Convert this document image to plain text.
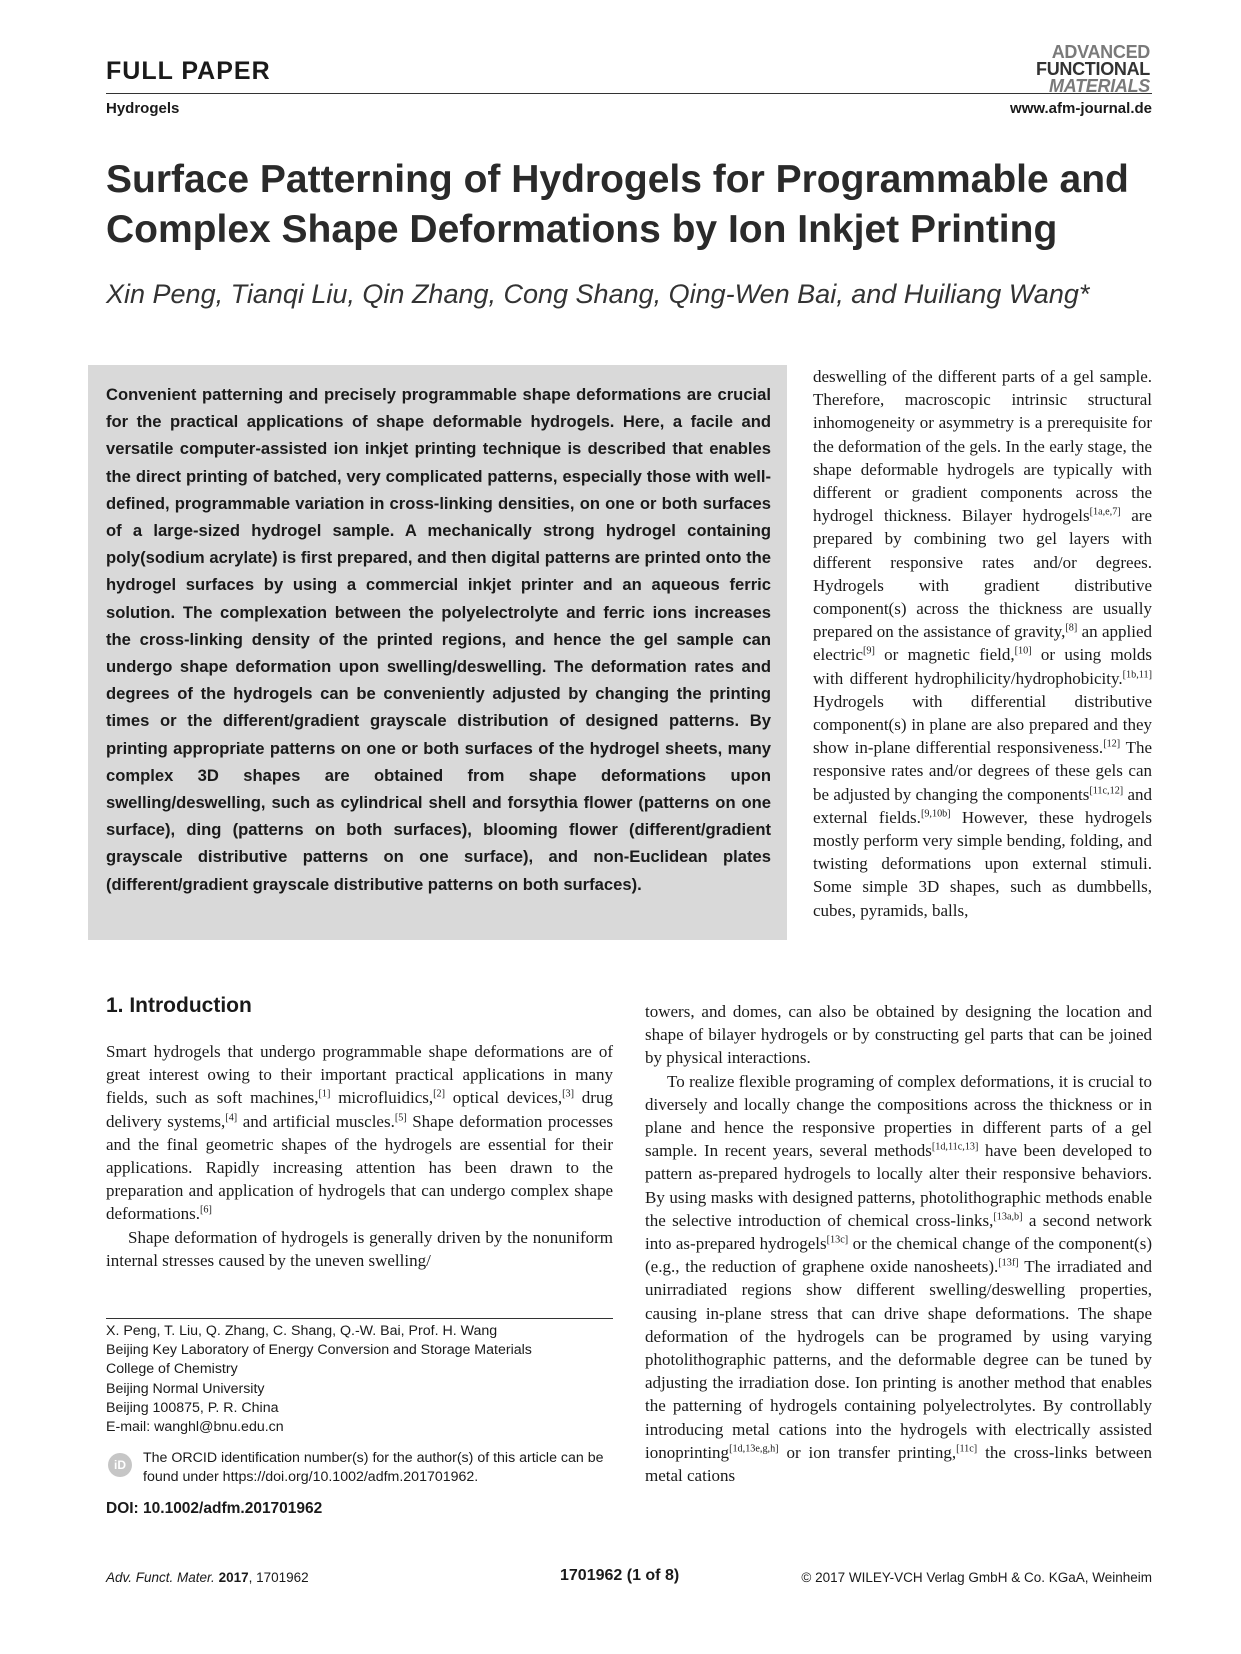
FULL PAPER
ADVANCED
FUNCTIONAL
MATERIALS
Hydrogels	www.afm-journal.de
Surface Patterning of Hydrogels for Programmable and Complex Shape Deformations by Ion Inkjet Printing
Xin Peng, Tianqi Liu, Qin Zhang, Cong Shang, Qing-Wen Bai, and Huiliang Wang*
Convenient patterning and precisely programmable shape deformations are crucial for the practical applications of shape deformable hydrogels. Here, a facile and versatile computer-assisted ion inkjet printing technique is described that enables the direct printing of batched, very complicated patterns, especially those with well-defined, programmable variation in cross-linking densities, on one or both surfaces of a large-sized hydrogel sample. A mechanically strong hydrogel containing poly(sodium acrylate) is first prepared, and then digital patterns are printed onto the hydrogel surfaces by using a commercial inkjet printer and an aqueous ferric solution. The complexation between the polyelectrolyte and ferric ions increases the cross-linking density of the printed regions, and hence the gel sample can undergo shape deformation upon swelling/deswelling. The deformation rates and degrees of the hydrogels can be conveniently adjusted by changing the printing times or the different/gradient grayscale distribution of designed patterns. By printing appropriate patterns on one or both surfaces of the hydrogel sheets, many complex 3D shapes are obtained from shape deformations upon swelling/deswelling, such as cylindrical shell and forsythia flower (patterns on one surface), ding (patterns on both surfaces), blooming flower (different/gradient grayscale distributive patterns on one surface), and non-Euclidean plates (different/gradient grayscale distributive patterns on both surfaces).

deswelling of the different parts of a gel sample. Therefore, macroscopic intrinsic structural inhomogeneity or asymmetry is a prerequisite for the deformation of the gels. In the early stage, the shape deformable hydrogels are typically with different or gradient components across the hydrogel thickness. Bilayer hydrogels[1a,e,7] are prepared by combining two gel layers with different responsive rates and/or degrees. Hydrogels with gradient distributive component(s) across the thickness are usually prepared on the assistance of gravity,[8] an applied electric[9] or magnetic field,[10] or using molds with different hydrophilicity/hydrophobicity.[1b,11] Hydrogels with differential distributive component(s) in plane are also prepared and they show in-plane differential responsiveness.[12] The responsive rates and/or degrees of these gels can be adjusted by changing the components[11c,12] and external fields.[9,10b] However, these hydrogels mostly perform very simple bending, folding, and twisting deformations upon external stimuli. Some simple 3D shapes, such as dumbbells, cubes, pyramids, balls,

1. Introduction

Smart hydrogels that undergo programmable shape deformations are of great interest owing to their important practical applications in many fields, such as soft machines,[1] microfluidics,[2] optical devices,[3] drug delivery systems,[4] and artificial muscles.[5] Shape deformation processes and the final geometric shapes of the hydrogels are essential for their applications. Rapidly increasing attention has been drawn to the preparation and application of hydrogels that can undergo complex shape deformations.[6]

Shape deformation of hydrogels is generally driven by the nonuniform internal stresses caused by the uneven swelling/

towers, and domes, can also be obtained by designing the location and shape of bilayer hydrogels or by constructing gel parts that can be joined by physical interactions.

To realize flexible programing of complex deformations, it is crucial to diversely and locally change the compositions across the thickness or in plane and hence the responsive properties in different parts of a gel sample. In recent years, several methods[1d,11c,13] have been developed to pattern as-prepared hydrogels to locally alter their responsive behaviors. By using masks with designed patterns, photolithographic methods enable the selective introduction of chemical cross-links,[13a,b] a second network into as-prepared hydrogels[13c] or the chemical change of the component(s) (e.g., the reduction of graphene oxide nanosheets).[13f] The irradiated and unirradiated regions show different swelling/deswelling properties, causing in-plane stress that can drive shape deformations. The shape deformation of the hydrogels can be programed by using varying photolithographic patterns, and the deformable degree can be tuned by adjusting the irradiation dose. Ion printing is another method that enables the patterning of hydrogels containing polyelectrolytes. By controllably introducing metal cations into the hydrogels with electrically assisted ionoprinting[1d,13e,g,h] or ion transfer printing,[11c] the cross-links between metal cations

X. Peng, T. Liu, Q. Zhang, C. Shang, Q.-W. Bai, Prof. H. Wang
Beijing Key Laboratory of Energy Conversion and Storage Materials
College of Chemistry
Beijing Normal University
Beijing 100875, P. R. China
E-mail: wanghl@bnu.edu.cn
iD	The ORCID identification number(s) for the author(s) of this article can be found under https://doi.org/10.1002/adfm.201701962.
DOI: 10.1002/adfm.201701962
Adv. Funct. Mater. 2017, 1701962	1701962 (1 of 8)	© 2017 WILEY-VCH Verlag GmbH & Co. KGaA, Weinheim
